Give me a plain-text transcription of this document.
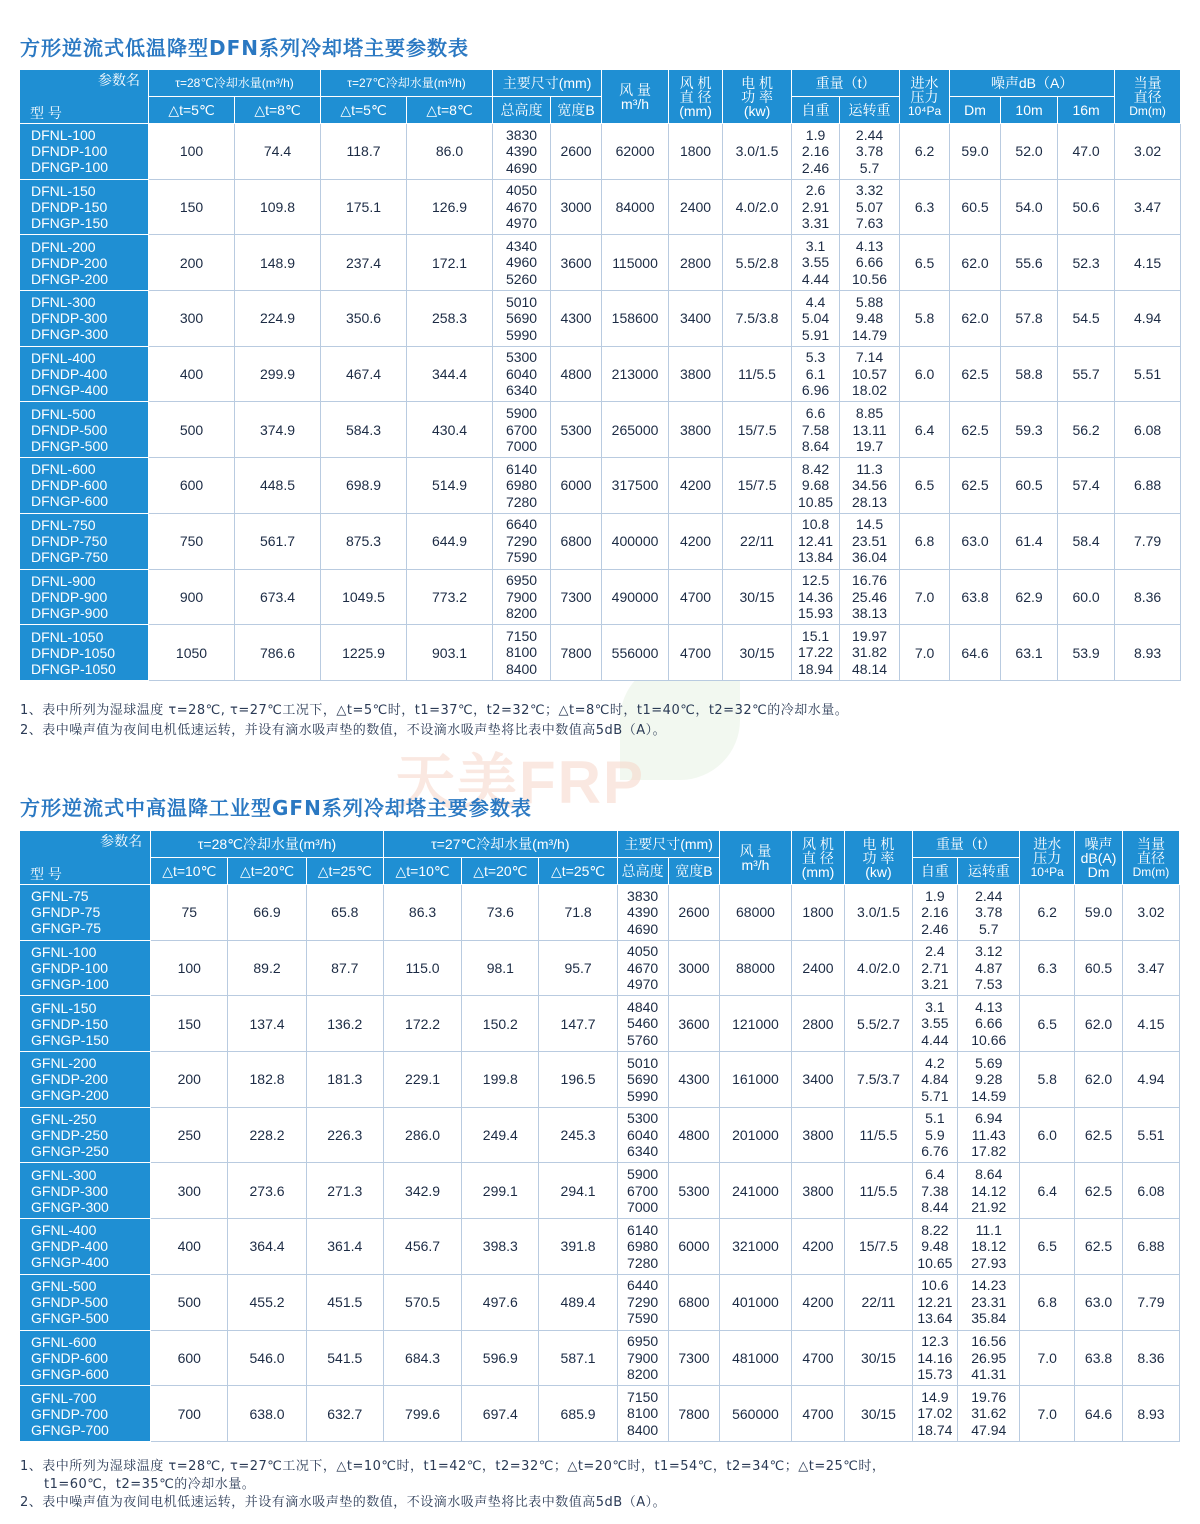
天美FRP
方形逆流式低温降型DFN系列冷却塔主要参数表
参数名
型 号	τ=28℃冷却水量(m³/h)		τ=27℃冷却水量(m³/h)		主要尺寸(mm)		风 量
m³/h	风 机
直 径
(mm)	电 机
功 率
(kw)	重量（t）		进水
压力
10⁴Pa	噪声dB（A）			当量
直径
Dm(m)

	△t=5℃	△t=8℃	△t=5℃	△t=8℃	总高度	宽度B				自重	运转重		Dm	10m	16m	

DFNL-100
DFNDP-100
DFNGP-100	100	74.4	118.7	86.0	3830
4390
4690	2600	62000	1800	3.0/1.5	1.9
2.16
2.46	2.44
3.78
5.7	6.2	59.0	52.0	47.0	3.02

DFNL-150
DFNDP-150
DFNGP-150	150	109.8	175.1	126.9	4050
4670
4970	3000	84000	2400	4.0/2.0	2.6
2.91
3.31	3.32
5.07
7.63	6.3	60.5	54.0	50.6	3.47

DFNL-200
DFNDP-200
DFNGP-200	200	148.9	237.4	172.1	4340
4960
5260	3600	115000	2800	5.5/2.8	3.1
3.55
4.44	4.13
6.66
10.56	6.5	62.0	55.6	52.3	4.15

DFNL-300
DFNDP-300
DFNGP-300	300	224.9	350.6	258.3	5010
5690
5990	4300	158600	3400	7.5/3.8	4.4
5.04
5.91	5.88
9.48
14.79	5.8	62.0	57.8	54.5	4.94

DFNL-400
DFNDP-400
DFNGP-400	400	299.9	467.4	344.4	5300
6040
6340	4800	213000	3800	11/5.5	5.3
6.1
6.96	7.14
10.57
18.02	6.0	62.5	58.8	55.7	5.51

DFNL-500
DFNDP-500
DFNGP-500	500	374.9	584.3	430.4	5900
6700
7000	5300	265000	3800	15/7.5	6.6
7.58
8.64	8.85
13.11
19.7	6.4	62.5	59.3	56.2	6.08

DFNL-600
DFNDP-600
DFNGP-600	600	448.5	698.9	514.9	6140
6980
7280	6000	317500	4200	15/7.5	8.42
9.68
10.85	11.3
34.56
28.13	6.5	62.5	60.5	57.4	6.88

DFNL-750
DFNDP-750
DFNGP-750	750	561.7	875.3	644.9	6640
7290
7590	6800	400000	4200	22/11	10.8
12.41
13.84	14.5
23.51
36.04	6.8	63.0	61.4	58.4	7.79

DFNL-900
DFNDP-900
DFNGP-900	900	673.4	1049.5	773.2	6950
7900
8200	7300	490000	4700	30/15	12.5
14.36
15.93	16.76
25.46
38.13	7.0	63.8	62.9	60.0	8.36

DFNL-1050
DFNDP-1050
DFNGP-1050	1050	786.6	1225.9	903.1	7150
8100
8400	7800	556000	4700	30/15	15.1
17.22
18.94	19.97
31.82
48.14	7.0	64.6	63.1	53.9	8.93
1、表中所列为湿球温度 τ=28℃, τ=27℃工况下，△t=5℃时，t1=37℃，t2=32℃；△t=8℃时，t1=40℃，t2=32℃的冷却水量。
2、表中噪声值为夜间电机低速运转，并设有滴水吸声垫的数值，不设滴水吸声垫将比表中数值高5dB（A）。
方形逆流式中高温降工业型GFN系列冷却塔主要参数表
参数名
型 号	τ=28℃冷却水量(m³/h)			τ=27℃冷却水量(m³/h)			主要尺寸(mm)		风 量
m³/h	风 机
直 径
(mm)	电 机
功 率
(kw)	重量（t）		进水
压力
10⁴Pa	噪声
dB(A)
Dm	当量
直径
Dm(m)

	△t=10℃	△t=20℃	△t=25℃	△t=10℃	△t=20℃	△t=25℃	总高度	宽度B				自重	运转重			

GFNL-75
GFNDP-75
GFNGP-75	75	66.9	65.8	86.3	73.6	71.8	3830
4390
4690	2600	68000	1800	3.0/1.5	1.9
2.16
2.46	2.44
3.78
5.7	6.2	59.0	3.02

GFNL-100
GFNDP-100
GFNGP-100	100	89.2	87.7	115.0	98.1	95.7	4050
4670
4970	3000	88000	2400	4.0/2.0	2.4
2.71
3.21	3.12
4.87
7.53	6.3	60.5	3.47

GFNL-150
GFNDP-150
GFNGP-150	150	137.4	136.2	172.2	150.2	147.7	4840
5460
5760	3600	121000	2800	5.5/2.7	3.1
3.55
4.44	4.13
6.66
10.66	6.5	62.0	4.15

GFNL-200
GFNDP-200
GFNGP-200	200	182.8	181.3	229.1	199.8	196.5	5010
5690
5990	4300	161000	3400	7.5/3.7	4.2
4.84
5.71	5.69
9.28
14.59	5.8	62.0	4.94

GFNL-250
GFNDP-250
GFNGP-250	250	228.2	226.3	286.0	249.4	245.3	5300
6040
6340	4800	201000	3800	11/5.5	5.1
5.9
6.76	6.94
11.43
17.82	6.0	62.5	5.51

GFNL-300
GFNDP-300
GFNGP-300	300	273.6	271.3	342.9	299.1	294.1	5900
6700
7000	5300	241000	3800	11/5.5	6.4
7.38
8.44	8.64
14.12
21.92	6.4	62.5	6.08

GFNL-400
GFNDP-400
GFNGP-400	400	364.4	361.4	456.7	398.3	391.8	6140
6980
7280	6000	321000	4200	15/7.5	8.22
9.48
10.65	11.1
18.12
27.93	6.5	62.5	6.88

GFNL-500
GFNDP-500
GFNGP-500	500	455.2	451.5	570.5	497.6	489.4	6440
7290
7590	6800	401000	4200	22/11	10.6
12.21
13.64	14.23
23.31
35.84	6.8	63.0	7.79

GFNL-600
GFNDP-600
GFNGP-600	600	546.0	541.5	684.3	596.9	587.1	6950
7900
8200	7300	481000	4700	30/15	12.3
14.16
15.73	16.56
26.95
41.31	7.0	63.8	8.36

GFNL-700
GFNDP-700
GFNGP-700	700	638.0	632.7	799.6	697.4	685.9	7150
8100
8400	7800	560000	4700	30/15	14.9
17.02
18.74	19.76
31.62
47.94	7.0	64.6	8.93
1、表中所列为湿球温度 τ=28℃, τ=27℃工况下，△t=10℃时，t1=42℃，t2=32℃；△t=20℃时，t1=54℃，t2=34℃；△t=25℃时，
t1=60℃，t2=35℃的冷却水量。
2、表中噪声值为夜间电机低速运转，并设有滴水吸声垫的数值，不设滴水吸声垫将比表中数值高5dB（A）。
